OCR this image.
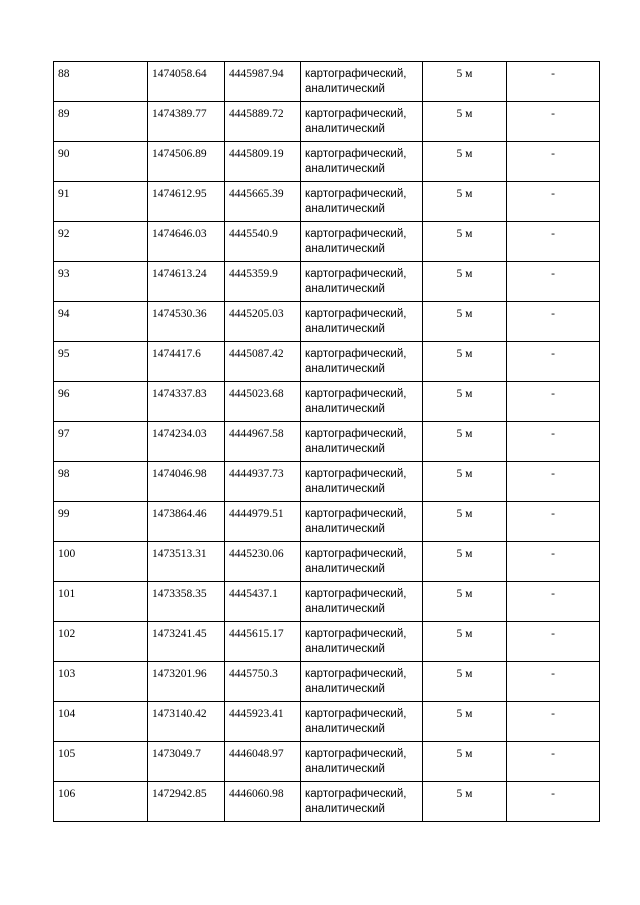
88	1474058.64	4445987.94	картографический,
аналитический	5 м	-
89	1474389.77	4445889.72	картографический,
аналитический	5 м	-
90	1474506.89	4445809.19	картографический,
аналитический	5 м	-
91	1474612.95	4445665.39	картографический,
аналитический	5 м	-
92	1474646.03	4445540.9	картографический,
аналитический	5 м	-
93	1474613.24	4445359.9	картографический,
аналитический	5 м	-
94	1474530.36	4445205.03	картографический,
аналитический	5 м	-
95	1474417.6	4445087.42	картографический,
аналитический	5 м	-
96	1474337.83	4445023.68	картографический,
аналитический	5 м	-
97	1474234.03	4444967.58	картографический,
аналитический	5 м	-
98	1474046.98	4444937.73	картографический,
аналитический	5 м	-
99	1473864.46	4444979.51	картографический,
аналитический	5 м	-
100	1473513.31	4445230.06	картографический,
аналитический	5 м	-
101	1473358.35	4445437.1	картографический,
аналитический	5 м	-
102	1473241.45	4445615.17	картографический,
аналитический	5 м	-
103	1473201.96	4445750.3	картографический,
аналитический	5 м	-
104	1473140.42	4445923.41	картографический,
аналитический	5 м	-
105	1473049.7	4446048.97	картографический,
аналитический	5 м	-
106	1472942.85	4446060.98	картографический,
аналитический	5 м	-
